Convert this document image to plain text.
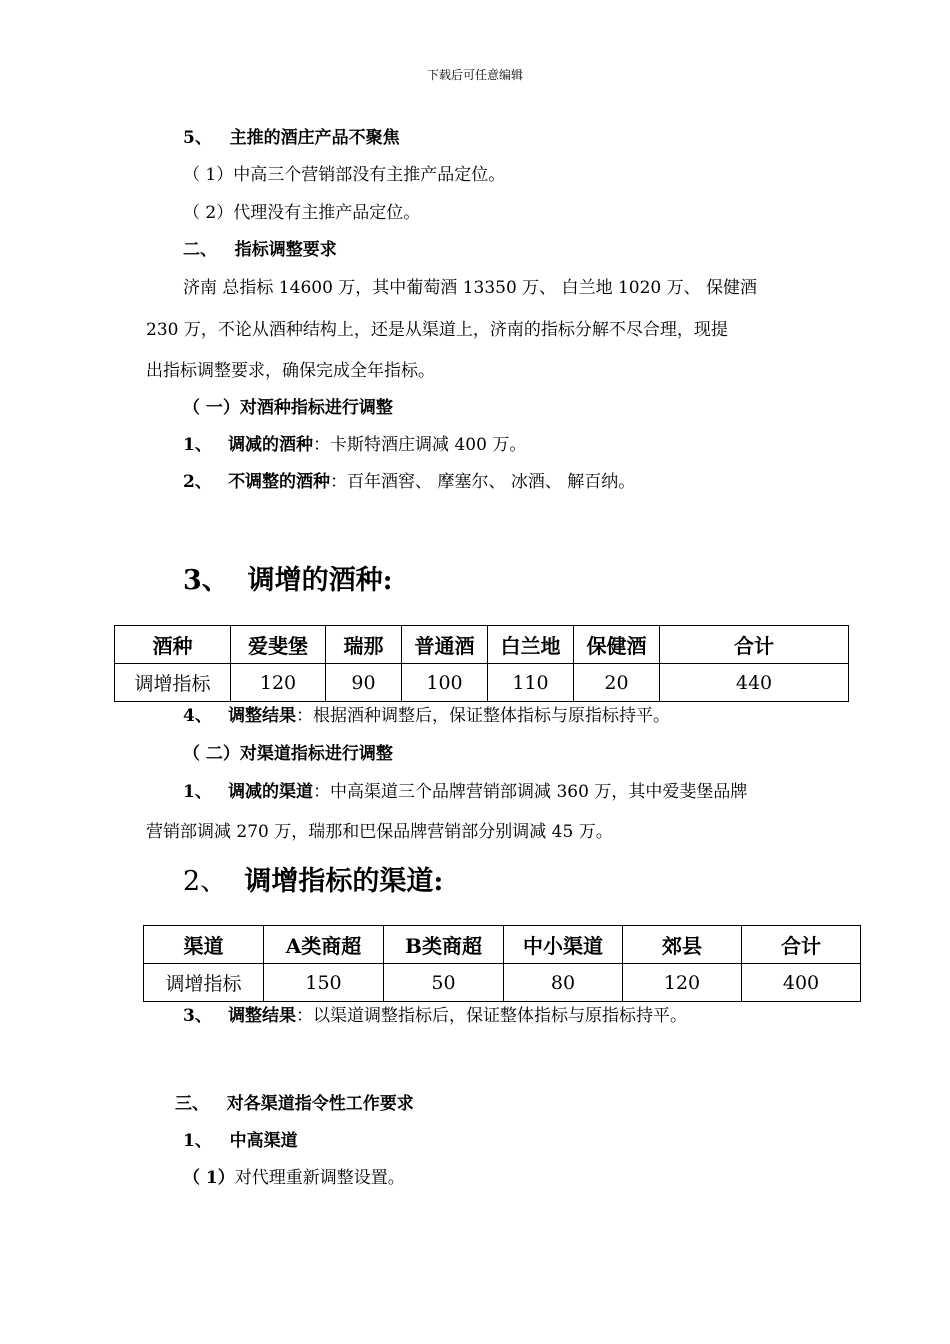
下载后可任意编辑
5、 主推的酒庄产品不聚焦
（ 1）中高三个营销部没有主推产品定位。
（ 2）代理没有主推产品定位。
二、 指标调整要求
济南 总指标 14600 万，其中葡萄酒 13350 万、 白兰地 1020 万、 保健酒
230 万，不论从酒种结构上，还是从渠道上，济南的指标分解不尽合理，现提
出指标调整要求，确保完成全年指标。
（ 一）对酒种指标进行调整
1、 调减的酒种：卡斯特酒庄调减 400 万。
2、 不调整的酒种：百年酒窖、 摩塞尔、 冰酒、 解百纳。
3、 调增的酒种:
酒种	爱斐堡	瑞那	普通酒	白兰地	保健酒	合计
调增指标	120	90	100	110	20	440
4、 调整结果：根据酒种调整后，保证整体指标与原指标持平。
（ 二）对渠道指标进行调整
1、 调减的渠道：中高渠道三个品牌营销部调减 360 万，其中爱斐堡品牌
营销部调减 270 万，瑞那和巴保品牌营销部分别调减 45 万。
2、 调增指标的渠道:
渠道	A类商超	B类商超	中小渠道	郊县	合计
调增指标	150	50	80	120	400
3、 调整结果：以渠道调整指标后，保证整体指标与原指标持平。
三、 对各渠道指令性工作要求
1、 中高渠道
（ 1）对代理重新调整设置。
